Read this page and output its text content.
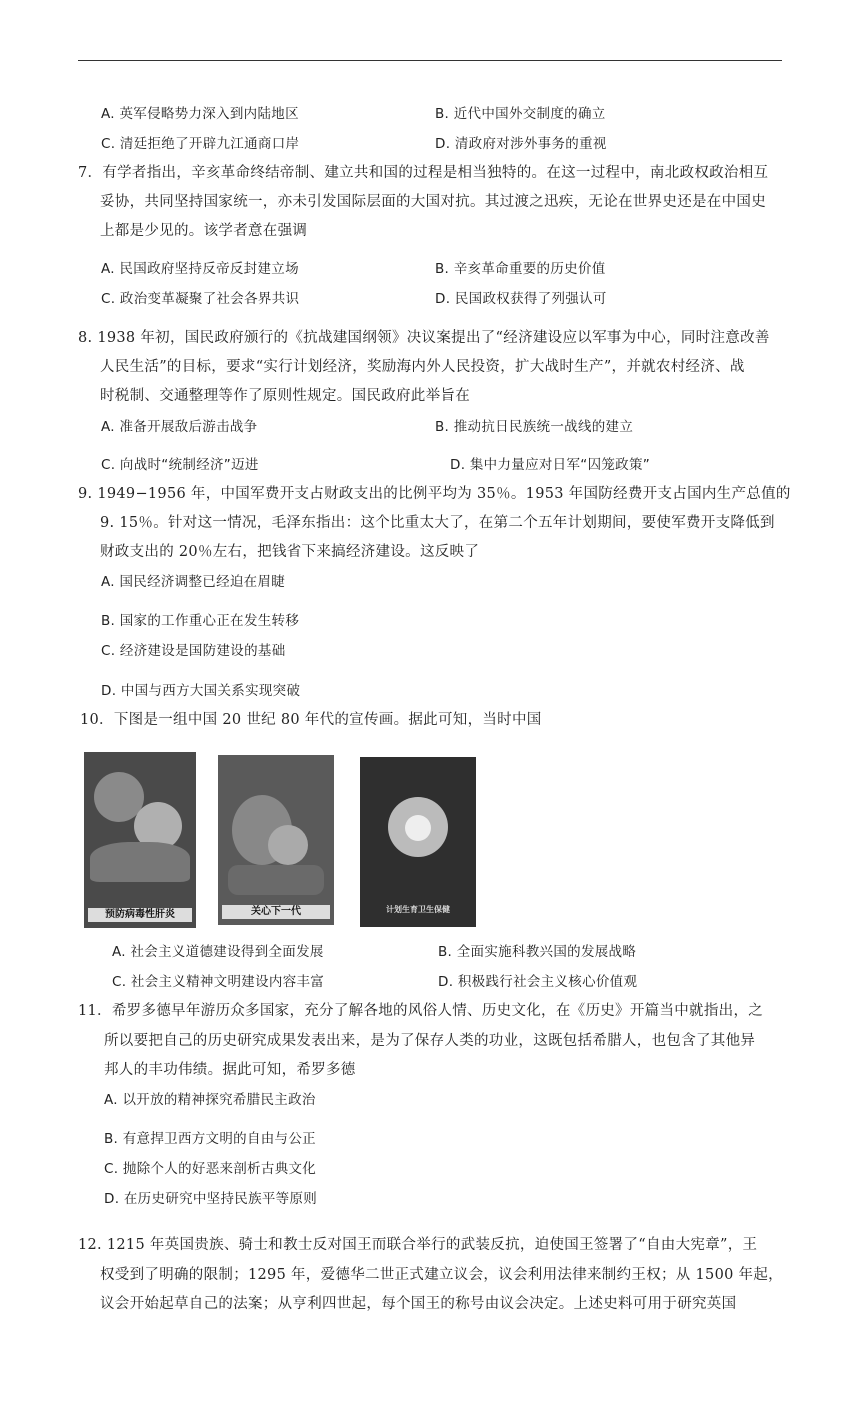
A. 英军侵略势力深入到内陆地区	B. 近代中国外交制度的确立
C. 清廷拒绝了开辟九江通商口岸	D. 清政府对涉外事务的重视
7．有学者指出，辛亥革命终结帝制、建立共和国的过程是相当独特的。在这一过程中，南北政权政治相互
妥协，共同坚持国家统一，亦未引发国际层面的大国对抗。其过渡之迅疾，无论在世界史还是在中国史
上都是少见的。该学者意在强调
A. 民国政府坚持反帝反封建立场	B. 辛亥革命重要的历史价值
C. 政治变革凝聚了社会各界共识	D. 民国政权获得了列强认可
8. 1938 年初，国民政府颁行的《抗战建国纲领》决议案提出了“经济建设应以军事为中心，同时注意改善
人民生活”的目标，要求“实行计划经济，奖励海内外人民投资，扩大战时生产”，并就农村经济、战
时税制、交通整理等作了原则性规定。国民政府此举旨在
A. 准备开展敌后游击战争	B. 推动抗日民族统一战线的建立
C. 向战时“统制经济”迈进	D. 集中力量应对日军“囚笼政策”
9. 1949−1956 年，中国军费开支占财政支出的比例平均为 35％。1953 年国防经费开支占国内生产总值的
9. 15％。针对这一情况，毛泽东指出：这个比重太大了，在第二个五年计划期间，要使军费开支降低到
财政支出的 20％左右，把钱省下来搞经济建设。这反映了
A. 国民经济调整已经迫在眉睫
B. 国家的工作重心正在发生转移
C. 经济建设是国防建设的基础
D. 中国与西方大国关系实现突破
10．下图是一组中国 20 世纪 80 年代的宣传画。据此可知，当时中国
预防病毒性肝炎	关心下一代	计划生育卫生保健
A. 社会主义道德建设得到全面发展	B. 全面实施科教兴国的发展战略
C. 社会主义精神文明建设内容丰富	D. 积极践行社会主义核心价值观
11．希罗多德早年游历众多国家，充分了解各地的风俗人情、历史文化，在《历史》开篇当中就指出，之
所以要把自己的历史研究成果发表出来，是为了保存人类的功业，这既包括希腊人，也包含了其他异
邦人的丰功伟绩。据此可知，希罗多德
A. 以开放的精神探究希腊民主政治
B. 有意捍卫西方文明的自由与公正
C. 抛除个人的好恶来剖析古典文化
D. 在历史研究中坚持民族平等原则
12. 1215 年英国贵族、骑士和教士反对国王而联合举行的武装反抗，迫使国王签署了“自由大宪章”，王
权受到了明确的限制；1295 年，爱德华二世正式建立议会，议会利用法律来制约王权；从 1500 年起，
议会开始起草自己的法案；从亨利四世起，每个国王的称号由议会决定。上述史料可用于研究英国
